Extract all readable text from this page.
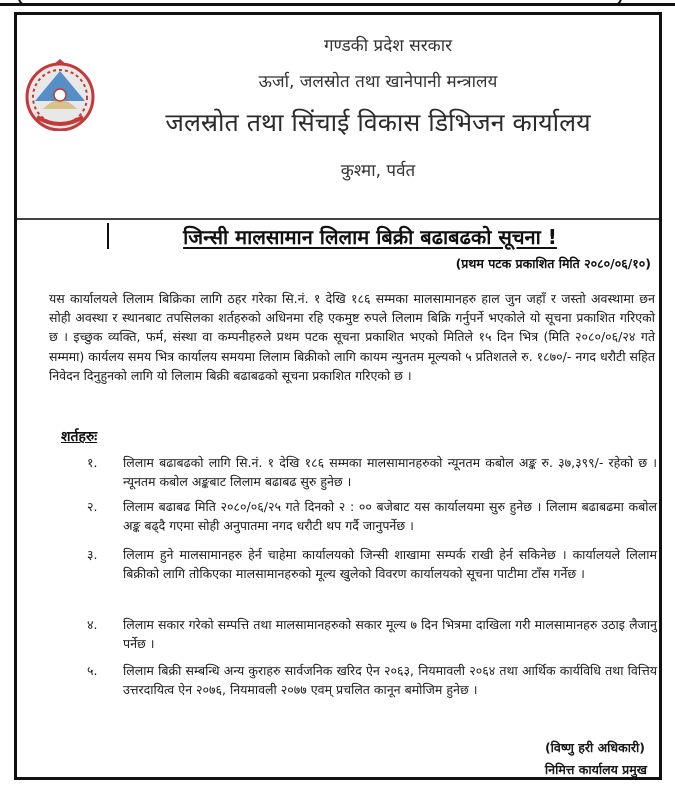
गण्डकी प्रदेश सरकार
ऊर्जा, जलस्रोत तथा खानेपानी मन्त्रालय
जलस्रोत तथा सिंचाई विकास डिभिजन कार्यालय
कुश्मा, पर्वत
जिन्सी मालसामान लिलाम बिक्री बढाबढको सूचना !
(प्रथम पटक प्रकाशित मिति २०८०/०६/१०)
यस कार्यालयले लिलाम बिक्रिका लागि ठहर गरेका सि.नं. १ देखि १८६ सम्मका मालसामानहरु हाल जुन जहाँ र जस्तो अवस्थामा छन सोही अवस्था र स्थानबाट तपसिलका शर्तहरुको अधिनमा रहि एकमुष्ट रुपले लिलाम बिक्रि गर्नुपर्ने भएकोले यो सूचना प्रकाशित गरिएको छ । इच्छुक व्यक्ति, फर्म, संस्था वा कम्पनीहरुले प्रथम पटक सूचना प्रकाशित भएको मितिले १५ दिन भित्र (मिति २०८०/०६/२४ गते सम्ममा) कार्यलय समय भित्र कार्यालय समयमा लिलाम बिक्रीको लागि कायम न्युनतम मूल्यको ५ प्रतिशतले रु. १८७०/- नगद धरौटी सहित निवेदन दिनुहुनको लागि यो लिलाम बिक्री बढाबढको सूचना प्रकाशित गरिएको छ ।
शर्तहरुः
१. लिलाम बढाबढको लागि सि.नं. १ देखि १८६ सम्मका मालसामानहरुको न्यूनतम कबोल अङ्क रु. ३७,३९९/- रहेको छ । न्यूनतम कबोल अङ्कबाट लिलाम बढाबढ सुरु हुनेछ ।
२. लिलाम बढाबढ मिति २०८०/०६/२५ गते दिनको २ : ०० बजेबाट यस कार्यालयमा सुरु हुनेछ । लिलाम बढाबढमा कबोल अङ्क बढ्दै गएमा सोही अनुपातमा नगद धरौटी थप गर्दै जानुपर्नेछ ।
३. लिलाम हुने मालसामानहरु हेर्न चाहेमा कार्यालयको जिन्सी शाखामा सम्पर्क राखी हेर्न सकिनेछ । कार्यालयले लिलाम बिक्रीको लागि तोकिएका मालसामानहरुको मूल्य खुलेको विवरण कार्यालयको सूचना पाटीमा टाँस गर्नेछ ।
४. लिलाम सकार गरेको सम्पत्ति तथा मालसामानहरुको सकार मूल्य ७ दिन भित्रमा दाखिला गरी मालसामानहरु उठाइ लैजानु पर्नेछ ।
५. लिलाम बिक्री सम्बन्धि अन्य कुराहरु सार्वजनिक खरिद ऐन २०६३, नियमावली २०६४ तथा आर्थिक कार्यविधि तथा वित्तिय उत्तरदायित्व ऐन २०७६, नियमावली २०७७ एवम् प्रचलित कानून बमोजिम हुनेछ ।
(विष्णु हरी अधिकारी)
निमित्त कार्यालय प्रमुख
